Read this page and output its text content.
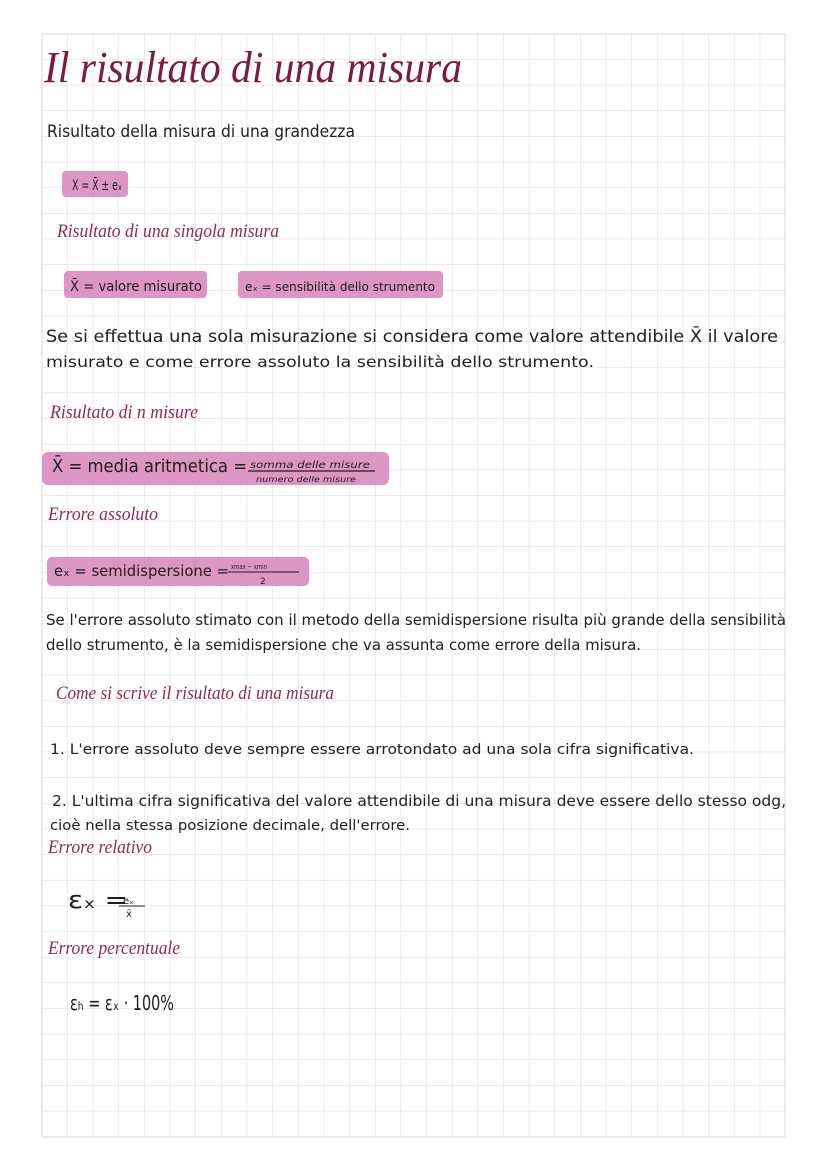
Il risultato di una misura
Risultato della misura di una grandezza
X = X̄ ± eₓ
Risultato di una singola misura
X̄ = valore misurato	eₓ = sensibilità dello strumento
Se si effettua una sola misurazione si considera come valore attendibile X̄ il valore
misurato e come errore assoluto la sensibilità dello strumento.
Risultato di n misure
X̄ = media aritmetica =
somma delle misure
numero delle misure
Errore assoluto
eₓ = semidispersione = xmax − xmin
2
Se l'errore assoluto stimato con il metodo della semidispersione risulta più grande della sensibilità
dello strumento, è la semidispersione che va assunta come errore della misura.
Come si scrive il risultato di una misura
1. L'errore assoluto deve sempre essere arrotondato ad una sola cifra significativa.
2. L'ultima cifra significativa del valore attendibile di una misura deve essere dello stesso odg,
cioè nella stessa posizione decimale, dell'errore.
Errore relativo
εₓ =
eₓ
x̄
Errore percentuale
εₕ = εₓ · 100%
